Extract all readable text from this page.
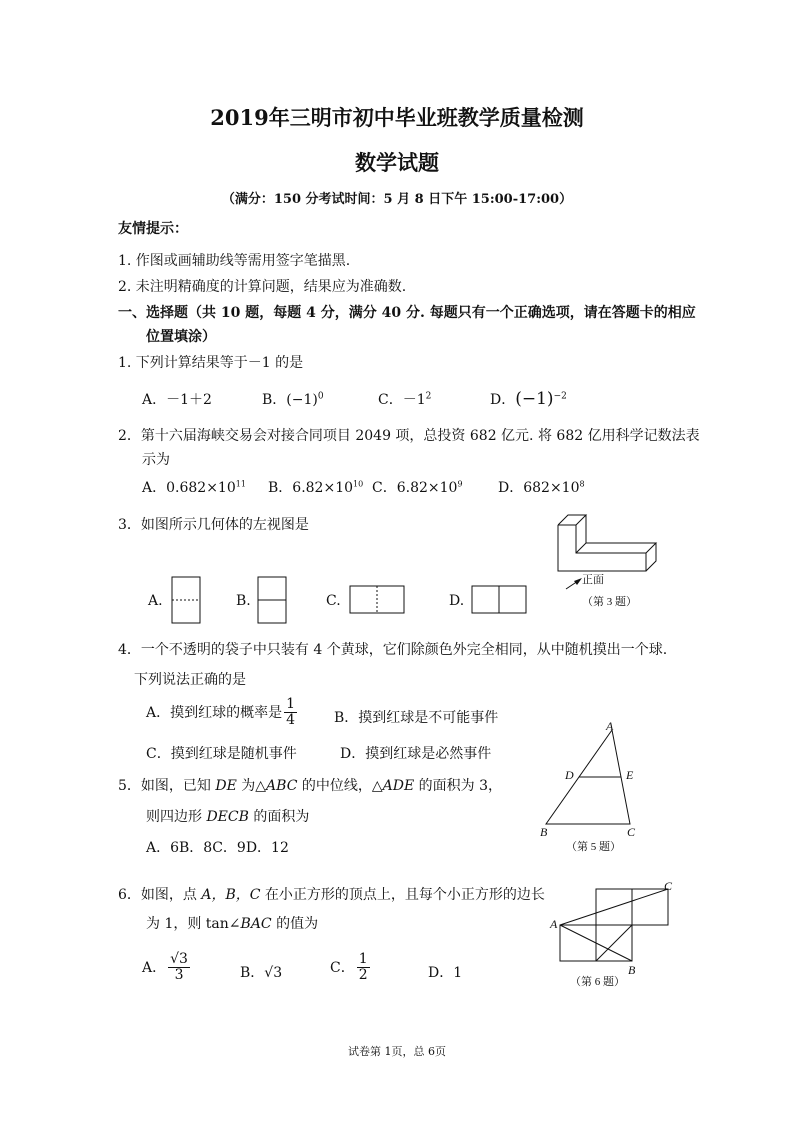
2019年三明市初中毕业班教学质量检测
数学试题
（满分：150 分考试时间：5 月 8 日下午 15:00-17:00）
友情提示：
1. 作图或画辅助线等需用签字笔描黑.
2. 未注明精确度的计算问题，结果应为准确数.
一、选择题（共 10 题，每题 4 分，满分 40 分. 每题只有一个正确选项，请在答题卡的相应
位置填涂）
1. 下列计算结果等于－1 的是
A．－1＋2	B．$(-1)^0$	C．$-1^2$	D．$(-1)^{-2}$
2．第十六届海峡交易会对接合同项目 2049 项，总投资 682 亿元. 将 682 亿用科学记数法表
示为
A．$0.682\times 10^{11}$ B．$6.82\times 10^{10}$ C．$6.82\times 10^9$	D．$682\times 10^8$
3．如图所示几何体的左视图是
A.	B.	C.	D.
正面
（第 3 题）
4．一个不透明的袋子中只装有 4 个黄球，它们除颜色外完全相同，从中随机摸出一个球.
下列说法正确的是
A．摸到红球的概率是 $\frac{1}{4}$	B．摸到红球是不可能事件
C．摸到红球是随机事件	D．摸到红球是必然事件
5．如图，已知 DE 为△ABC 的中位线，△ADE 的面积为 3，
则四边形 DECB 的面积为
A．6B．8C．9D．12
A
D	E
B	C
（第 5 题）
6．如图，点 A，B，C 在小正方形的顶点上，且每个小正方形的边长
为 1，则 tan∠BAC 的值为
A． $\frac{√3}{3}$	B．√3	C． $\frac{1}{2}$	D．1
A
C
B
（第 6 题）
试卷第 1页，总 6页
